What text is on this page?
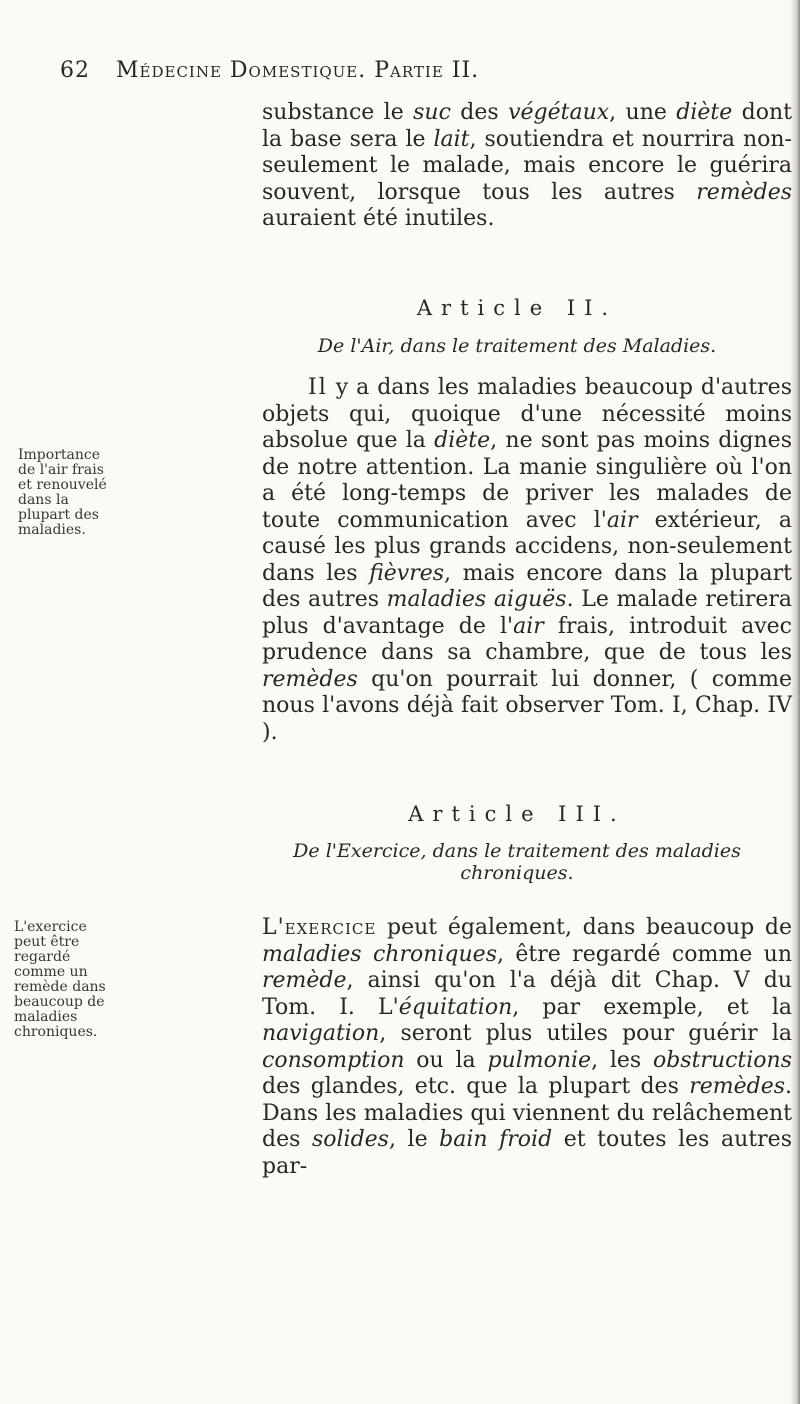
62 Médecine Domestique. Partie II.
substance le suc des végétaux, une diète dont la base sera le lait, soutiendra et nourrira non-seulement le malade, mais encore le guérira souvent, lorsque tous les autres remèdes auraient été inutiles.
Article II.
De l'Air, dans le traitement des Maladies.
Importance de l'air frais et renouvelé dans la plupart des maladies.
Il y a dans les maladies beaucoup d'autres objets qui, quoique d'une nécessité moins absolue que la diète, ne sont pas moins dignes de notre attention. La manie singulière où l'on a été long-temps de priver les malades de toute communication avec l'air extérieur, a causé les plus grands accidens, non-seulement dans les fièvres, mais encore dans la plupart des autres maladies aiguës. Le malade retirera plus d'avantage de l'air frais, introduit avec prudence dans sa chambre, que de tous les remèdes qu'on pourrait lui donner, ( comme nous l'avons déjà fait observer Tom. I, Chap. IV ).
Article III.
De l'Exercice, dans le traitement des maladies chroniques.
L'exercice peut être regardé comme un remède dans beaucoup de maladies chroniques.
L'exercice peut également, dans beaucoup de maladies chroniques, être regardé comme un remède, ainsi qu'on l'a déjà dit Chap. V du Tom. I. L'équitation, par exemple, et la navigation, seront plus utiles pour guérir la consomption ou la pulmonie, les obstructions des glandes, etc. que la plupart des remèdes. Dans les maladies qui viennent du relâchement des solides, le bain froid et toutes les autres par-
